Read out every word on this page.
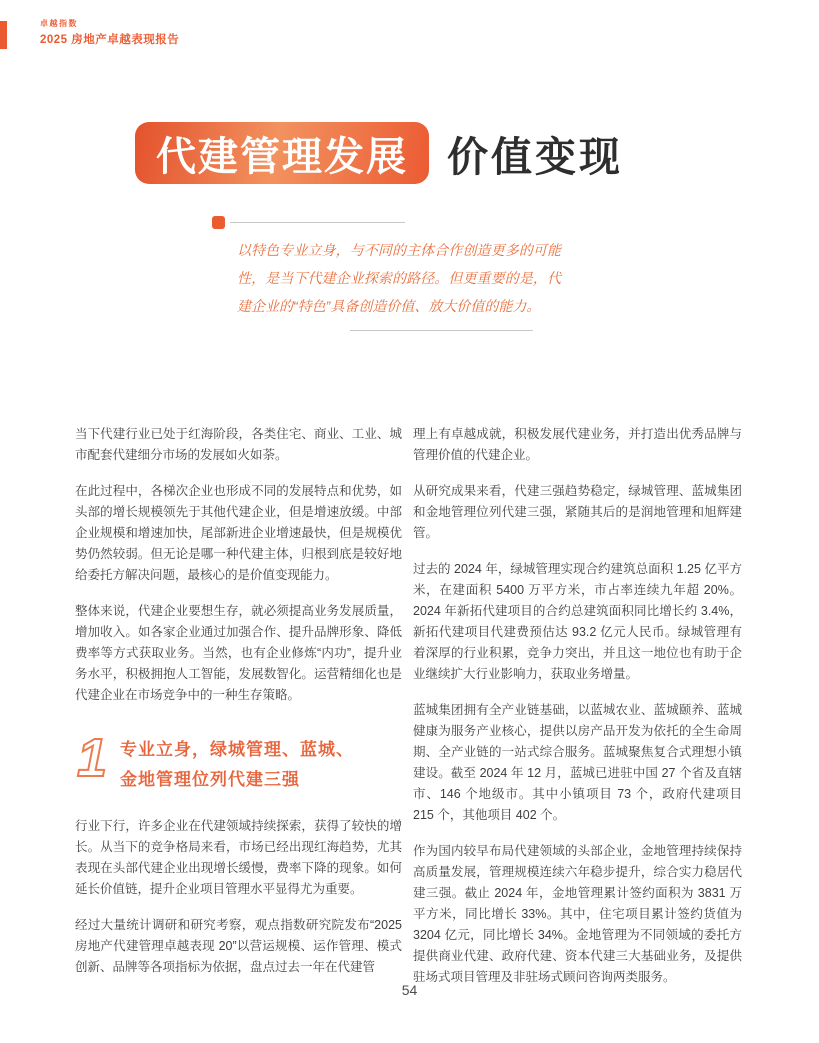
卓越指数
2025 房地产卓越表现报告
代建管理发展 价值变现
以特色专业立身，与不同的主体合作创造更多的可能性，是当下代建企业探索的路径。但更重要的是，代建企业的“特色”具备创造价值、放大价值的能力。

当下代建行业已处于红海阶段，各类住宅、商业、工业、城市配套代建细分市场的发展如火如荼。

在此过程中，各梯次企业也形成不同的发展特点和优势，如头部的增长规模领先于其他代建企业，但是增速放缓。中部企业规模和增速加快，尾部新进企业增速最快，但是规模优势仍然较弱。但无论是哪一种代建主体，归根到底是较好地给委托方解决问题，最核心的是价值变现能力。

整体来说，代建企业要想生存，就必须提高业务发展质量，增加收入。如各家企业通过加强合作、提升品牌形象、降低费率等方式获取业务。当然，也有企业修炼“内功”，提升业务水平，积极拥抱人工智能，发展数智化。运营精细化也是代建企业在市场竞争中的一种生存策略。

1 专业立身，绿城管理、蓝城、
金地管理位列代建三强

行业下行，许多企业在代建领域持续探索，获得了较快的增长。从当下的竞争格局来看，市场已经出现红海趋势，尤其表现在头部代建企业出现增长缓慢，费率下降的现象。如何延长价值链，提升企业项目管理水平显得尤为重要。

经过大量统计调研和研究考察，观点指数研究院发布“2025房地产代建管理卓越表现 20”以营运规模、运作管理、模式创新、品牌等各项指标为依据，盘点过去一年在代建管

理上有卓越成就，积极发展代建业务，并打造出优秀品牌与管理价值的代建企业。

从研究成果来看，代建三强趋势稳定，绿城管理、蓝城集团和金地管理位列代建三强，紧随其后的是润地管理和旭辉建管。

过去的 2024 年，绿城管理实现合约建筑总面积 1.25 亿平方米，在建面积 5400 万平方米，市占率连续九年超 20%。2024 年新拓代建项目的合约总建筑面积同比增长约 3.4%，新拓代建项目代建费预估达 93.2 亿元人民币。绿城管理有着深厚的行业积累，竞争力突出，并且这一地位也有助于企业继续扩大行业影响力，获取业务增量。

蓝城集团拥有全产业链基础，以蓝城农业、蓝城颐养、蓝城健康为服务产业核心，提供以房产品开发为依托的全生命周期、全产业链的一站式综合服务。蓝城聚焦复合式理想小镇建设。截至 2024 年 12 月，蓝城已进驻中国 27 个省及直辖市、146 个地级市。其中小镇项目 73 个，政府代建项目 215 个，其他项目 402 个。

作为国内较早布局代建领域的头部企业，金地管理持续保持高质量发展，管理规模连续六年稳步提升，综合实力稳居代建三强。截止 2024 年，金地管理累计签约面积为 3831 万平方米，同比增长 33%。其中，住宅项目累计签约货值为 3204 亿元，同比增长 34%。金地管理为不同领域的委托方提供商业代建、政府代建、资本代建三大基础业务，及提供驻场式项目管理及非驻场式顾问咨询两类服务。

54
